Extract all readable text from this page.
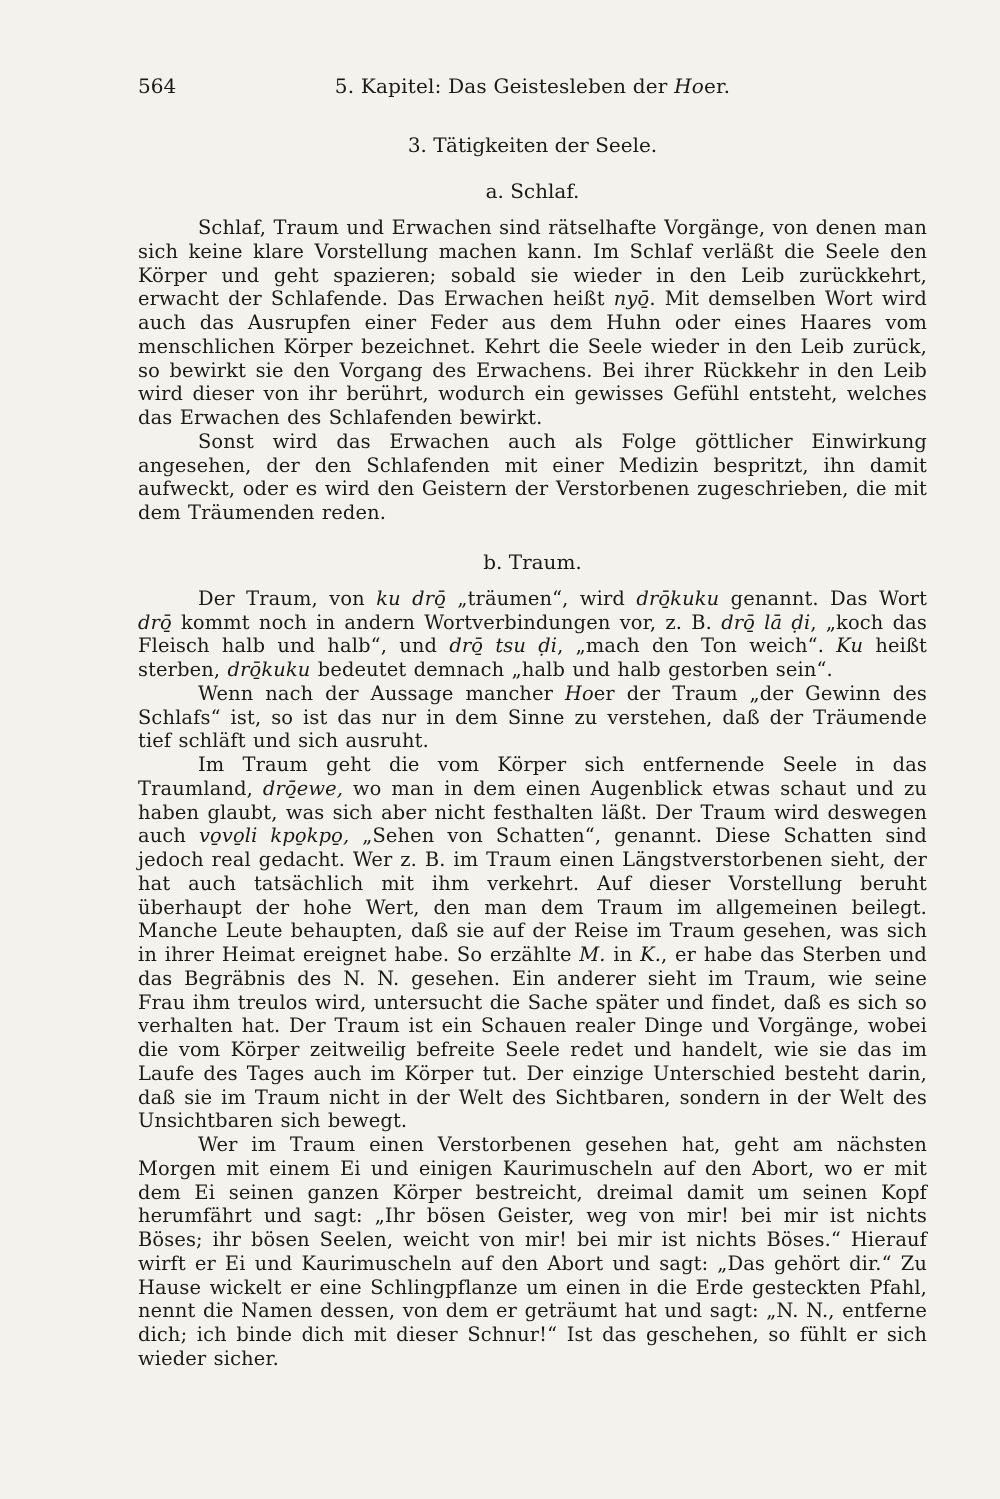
564	5. Kapitel: Das Geistesleben der Hoer.

3. Tätigkeiten der Seele.

a. Schlaf.

Schlaf, Traum und Erwachen sind rätselhafte Vorgänge, von denen man sich keine klare Vorstellung machen kann. Im Schlaf verläßt die Seele den Körper und geht spazieren; sobald sie wieder in den Leib zurückkehrt, erwacht der Schlafende. Das Erwachen heißt nyō̱. Mit demselben Wort wird auch das Ausrupfen einer Feder aus dem Huhn oder eines Haares vom menschlichen Körper bezeichnet. Kehrt die Seele wieder in den Leib zurück, so bewirkt sie den Vorgang des Erwachens. Bei ihrer Rückkehr in den Leib wird dieser von ihr berührt, wodurch ein gewisses Gefühl entsteht, welches das Erwachen des Schlafenden bewirkt.

Sonst wird das Erwachen auch als Folge göttlicher Einwirkung angesehen, der den Schlafenden mit einer Medizin bespritzt, ihn damit aufweckt, oder es wird den Geistern der Verstorbenen zugeschrieben, die mit dem Träumenden reden.

b. Traum.

Der Traum, von ku drō̱ „träumen“, wird drō̱kuku genannt. Das Wort drō̱ kommt noch in andern Wortverbindungen vor, z. B. drō̱ lā ḍi, „koch das Fleisch halb und halb“, und drō̱ tsu ḍi, „mach den Ton weich“. Ku heißt sterben, drō̱kuku bedeutet demnach „halb und halb gestorben sein“.

Wenn nach der Aussage mancher Hoer der Traum „der Gewinn des Schlafs“ ist, so ist das nur in dem Sinne zu verstehen, daß der Träumende tief schläft und sich ausruht.

Im Traum geht die vom Körper sich entfernende Seele in das Traumland, drō̱ewe, wo man in dem einen Augenblick etwas schaut und zu haben glaubt, was sich aber nicht festhalten läßt. Der Traum wird deswegen auch vo̱vo̱li kpo̱kpo̱, „Sehen von Schatten“, genannt. Diese Schatten sind jedoch real gedacht. Wer z. B. im Traum einen Längstverstorbenen sieht, der hat auch tatsächlich mit ihm verkehrt. Auf dieser Vorstellung beruht überhaupt der hohe Wert, den man dem Traum im allgemeinen beilegt. Manche Leute behaupten, daß sie auf der Reise im Traum gesehen, was sich in ihrer Heimat ereignet habe. So erzählte M. in K., er habe das Sterben und das Begräbnis des N. N. gesehen. Ein anderer sieht im Traum, wie seine Frau ihm treulos wird, untersucht die Sache später und findet, daß es sich so verhalten hat. Der Traum ist ein Schauen realer Dinge und Vorgänge, wobei die vom Körper zeitweilig befreite Seele redet und handelt, wie sie das im Laufe des Tages auch im Körper tut. Der einzige Unterschied besteht darin, daß sie im Traum nicht in der Welt des Sichtbaren, sondern in der Welt des Unsichtbaren sich bewegt.

Wer im Traum einen Verstorbenen gesehen hat, geht am nächsten Morgen mit einem Ei und einigen Kaurimuscheln auf den Abort, wo er mit dem Ei seinen ganzen Körper bestreicht, dreimal damit um seinen Kopf herumfährt und sagt: „Ihr bösen Geister, weg von mir! bei mir ist nichts Böses; ihr bösen Seelen, weicht von mir! bei mir ist nichts Böses.“ Hierauf wirft er Ei und Kaurimuscheln auf den Abort und sagt: „Das gehört dir.“ Zu Hause wickelt er eine Schlingpflanze um einen in die Erde gesteckten Pfahl, nennt die Namen dessen, von dem er geträumt hat und sagt: „N. N., entferne dich; ich binde dich mit dieser Schnur!“ Ist das geschehen, so fühlt er sich wieder sicher.
